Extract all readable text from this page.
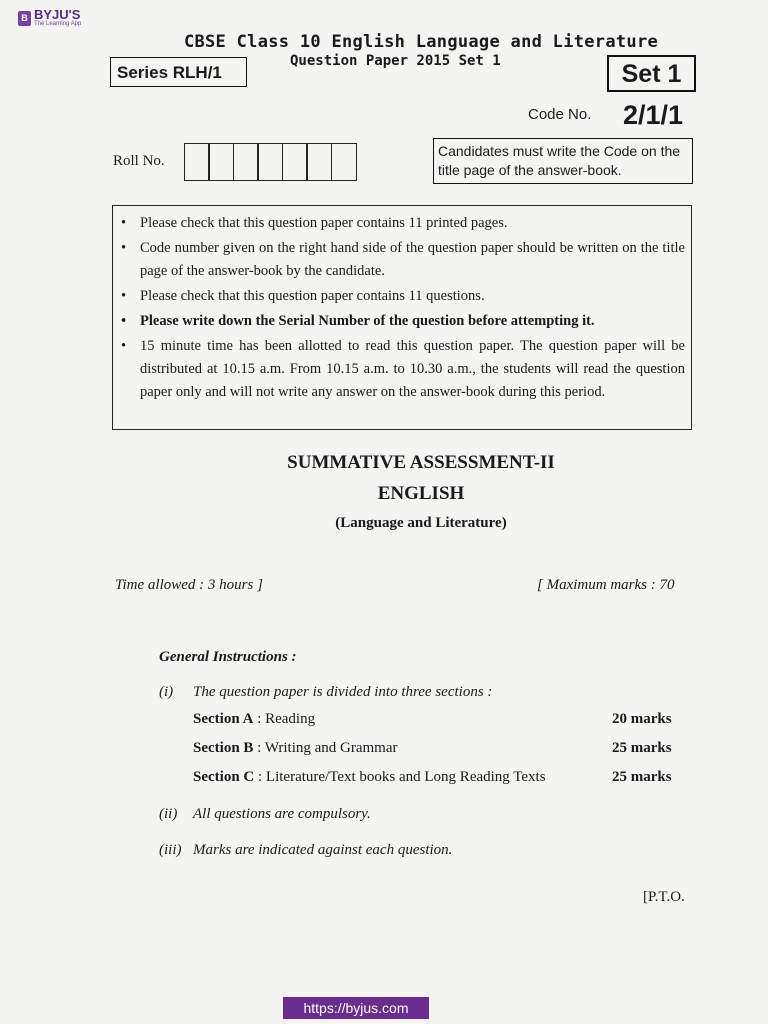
B BYJU'S
The Learning App
CBSE Class 10 English Language and Literature
Question Paper 2015 Set 1
Series RLH/1	Set 1
Code No. 2/1/1
Roll No.
Candidates must write the Code on the title page of the answer-book.
• Please check that this question paper contains 11 printed pages.
• Code number given on the right hand side of the question paper should be written on the title page of the answer-book by the candidate.
• Please check that this question paper contains 11 questions.
• Please write down the Serial Number of the question before attempting it.
• 15 minute time has been allotted to read this question paper. The question paper will be distributed at 10.15 a.m. From 10.15 a.m. to 10.30 a.m., the students will read the question paper only and will not write any answer on the answer-book during this period.
SUMMATIVE ASSESSMENT-II
ENGLISH
(Language and Literature)
Time allowed : 3 hours ]	[ Maximum marks : 70
General Instructions :
(i) The question paper is divided into three sections :
Section A : Reading	20 marks
Section B : Writing and Grammar	25 marks
Section C : Literature/Text books and Long Reading Texts	25 marks
(ii) All questions are compulsory.
(iii) Marks are indicated against each question.
[P.T.O.
https://byjus.com
